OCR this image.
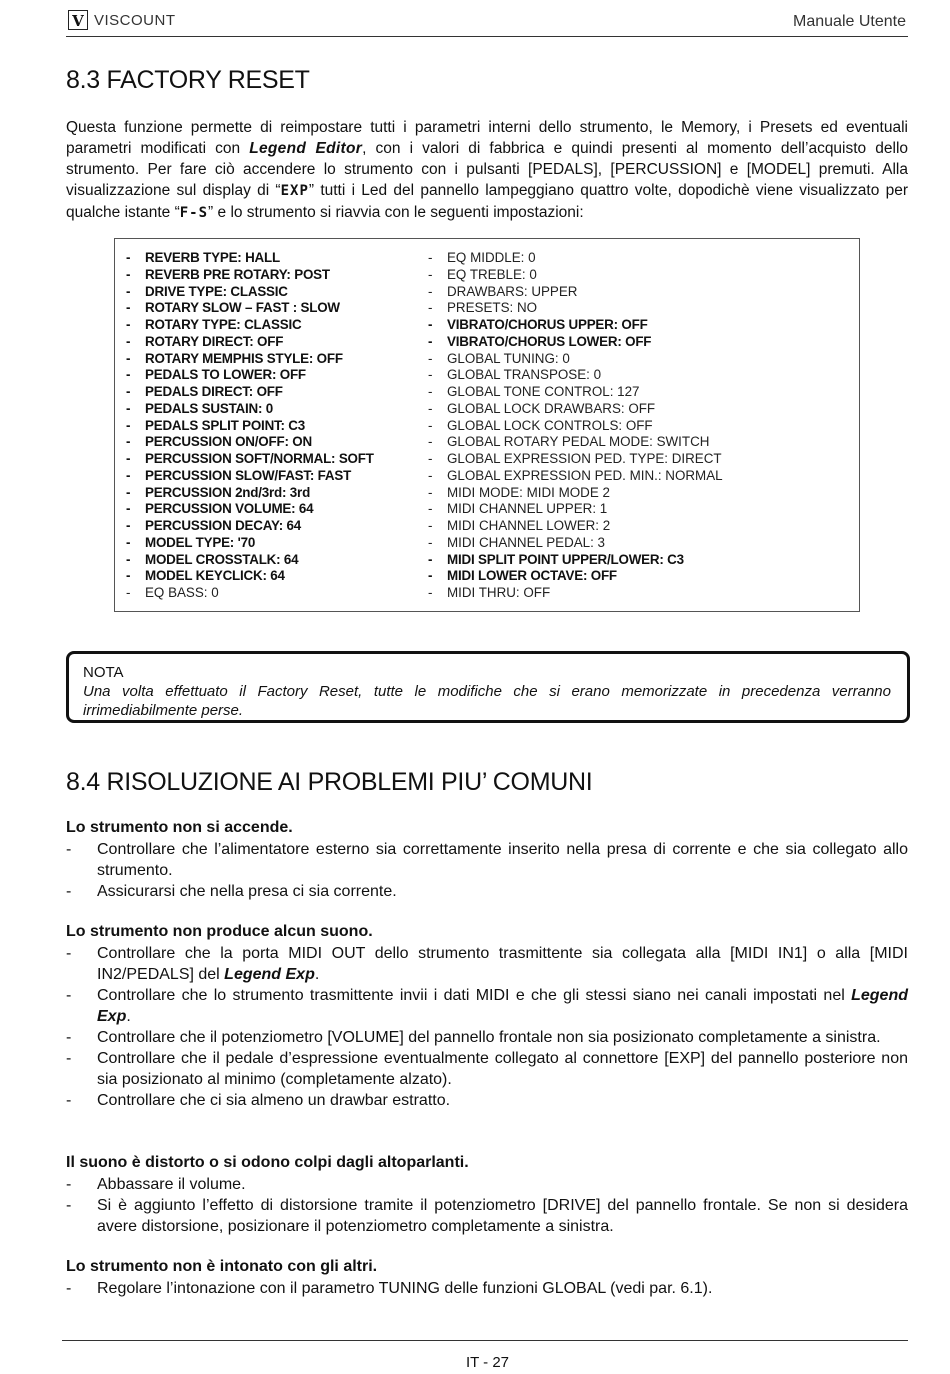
V VISCOUNT	Manuale Utente
8.3 FACTORY RESET

Questa funzione permette di reimpostare tutti i parametri interni dello strumento, le Memory, i Presets ed eventuali parametri modificati con Legend Editor, con i valori di fabbrica e quindi presenti al momento dell’acquisto dello strumento. Per fare ciò accendere lo strumento con i pulsanti [PEDALS], [PERCUSSION] e [MODEL] premuti. Alla visualizzazione sul display di “EXP” tutti i Led del pannello lampeggiano quattro volte, dopodichè viene visualizzato per qualche istante “F-S” e lo strumento si riavvia con le seguenti impostazioni:

- REVERB TYPE: HALL
- REVERB PRE ROTARY: POST
- DRIVE TYPE: CLASSIC
- ROTARY SLOW – FAST : SLOW
- ROTARY TYPE: CLASSIC
- ROTARY DIRECT: OFF
- ROTARY MEMPHIS STYLE: OFF
- PEDALS TO LOWER: OFF
- PEDALS DIRECT: OFF
- PEDALS SUSTAIN: 0
- PEDALS SPLIT POINT: C3
- PERCUSSION ON/OFF: ON
- PERCUSSION SOFT/NORMAL: SOFT
- PERCUSSION SLOW/FAST: FAST
- PERCUSSION 2nd/3rd: 3rd
- PERCUSSION VOLUME: 64
- PERCUSSION DECAY: 64
- MODEL TYPE: '70
- MODEL CROSSTALK: 64
- MODEL KEYCLICK: 64
- EQ BASS: 0
- EQ MIDDLE: 0
- EQ TREBLE: 0
- DRAWBARS: UPPER
- PRESETS: NO
- VIBRATO/CHORUS UPPER: OFF
- VIBRATO/CHORUS LOWER: OFF
- GLOBAL TUNING: 0
- GLOBAL TRANSPOSE: 0
- GLOBAL TONE CONTROL: 127
- GLOBAL LOCK DRAWBARS: OFF
- GLOBAL LOCK CONTROLS: OFF
- GLOBAL ROTARY PEDAL MODE: SWITCH
- GLOBAL EXPRESSION PED. TYPE: DIRECT
- GLOBAL EXPRESSION PED. MIN.: NORMAL
- MIDI MODE: MIDI MODE 2
- MIDI CHANNEL UPPER: 1
- MIDI CHANNEL LOWER: 2
- MIDI CHANNEL PEDAL: 3
- MIDI SPLIT POINT UPPER/LOWER: C3
- MIDI LOWER OCTAVE: OFF
- MIDI THRU: OFF
NOTA
Una volta effettuato il Factory Reset, tutte le modifiche che si erano memorizzate in precedenza verranno irrimediabilmente perse.
8.4 RISOLUZIONE AI PROBLEMI PIU’ COMUNI

Lo strumento non si accende.

- Controllare che l’alimentatore esterno sia correttamente inserito nella presa di corrente e che sia collegato allo strumento.
- Assicurarsi che nella presa ci sia corrente.

Lo strumento non produce alcun suono.

- Controllare che la porta MIDI OUT dello strumento trasmittente sia collegata alla [MIDI IN1] o alla [MIDI IN2/PEDALS] del Legend Exp.
- Controllare che lo strumento trasmittente invii i dati MIDI e che gli stessi siano nei canali impostati nel Legend Exp.
- Controllare che il potenziometro [VOLUME] del pannello frontale non sia posizionato completamente a sinistra.
- Controllare che il pedale d’espressione eventualmente collegato al connettore [EXP] del pannello posteriore non sia posizionato al minimo (completamente alzato).
- Controllare che ci sia almeno un drawbar estratto.

Il suono è distorto o si odono colpi dagli altoparlanti.

- Abbassare il volume.
- Si è aggiunto l’effetto di distorsione tramite il potenziometro [DRIVE] del pannello frontale. Se non si desidera avere distorsione, posizionare il potenziometro completamente a sinistra.

Lo strumento non è intonato con gli altri.

- Regolare l’intonazione con il parametro TUNING delle funzioni GLOBAL (vedi par. 6.1).
IT - 27
